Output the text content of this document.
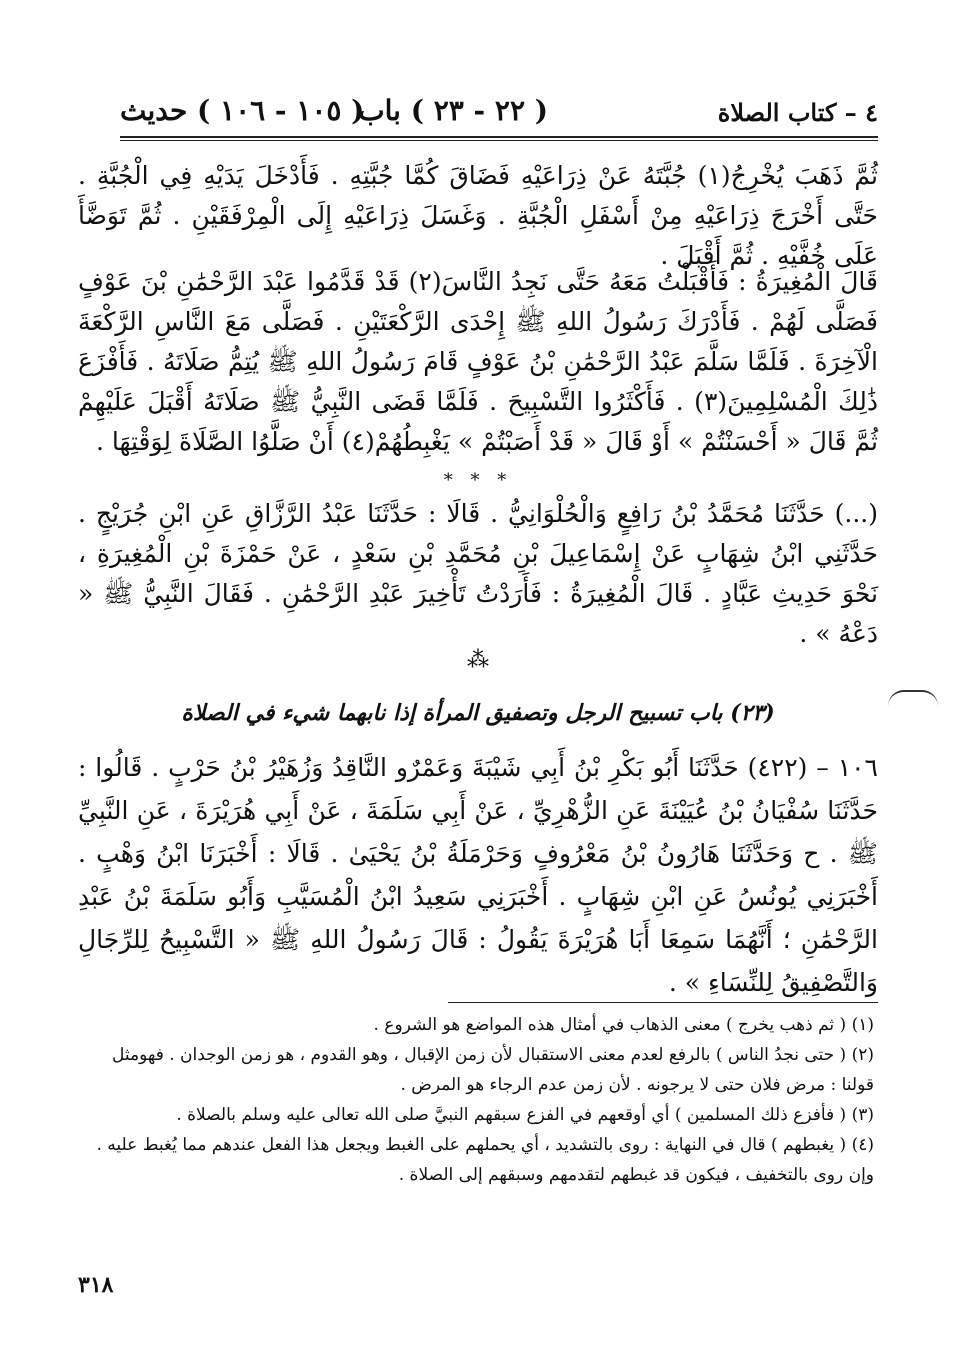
٤ – كتاب الصلاة
( ٢٢ - ٢٣ ) باب
( ١٠٥ - ١٠٦ ) حديث

ثُمَّ ذَهَبَ يُخْرِجُ(١) جُبَّتَهُ عَنْ ذِرَاعَيْهِ فَضَاقَ كُمَّا جُبَّتِهِ . فَأَدْخَلَ يَدَيْهِ فِي الْجُبَّةِ . حَتَّى أَخْرَجَ ذِرَاعَيْهِ مِنْ أَسْفَلِ الْجُبَّةِ . وَغَسَلَ ذِرَاعَيْهِ إِلَى الْمِرْفَقَيْنِ . ثُمَّ تَوَضَّأَ عَلَى خُفَّيْهِ . ثُمَّ أَقْبَلَ .

قَالَ الْمُغِيرَةُ : فَأَقْبَلْتُ مَعَهُ حَتَّى نَجِدُ النَّاسَ(٢) قَدْ قَدَّمُوا عَبْدَ الرَّحْمَٰنِ بْنَ عَوْفٍ فَصَلَّى لَهُمْ . فَأَدْرَكَ رَسُولُ اللهِ ﷺ إِحْدَى الرَّكْعَتَيْنِ . فَصَلَّى مَعَ النَّاسِ الرَّكْعَةَ الْآخِرَةَ . فَلَمَّا سَلَّمَ عَبْدُ الرَّحْمَٰنِ بْنُ عَوْفٍ قَامَ رَسُولُ اللهِ ﷺ يُتِمُّ صَلَاتَهُ . فَأَفْزَعَ ذَٰلِكَ الْمُسْلِمِينَ(٣) . فَأَكْثَرُوا التَّسْبِيحَ . فَلَمَّا قَضَى النَّبِيُّ ﷺ صَلَاتَهُ أَقْبَلَ عَلَيْهِمْ ثُمَّ قَالَ « أَحْسَنْتُمْ » أَوْ قَالَ « قَدْ أَصَبْتُمْ » يَغْبِطُهُمْ(٤) أَنْ صَلَّوُا الصَّلَاةَ لِوَقْتِهَا .

* * *

(...) حَدَّثَنَا مُحَمَّدُ بْنُ رَافِعٍ وَالْحُلْوَانِيُّ . قَالَا : حَدَّثَنَا عَبْدُ الرَّزَّاقِ عَنِ ابْنِ جُرَيْجٍ . حَدَّثَنِي ابْنُ شِهَابٍ عَنْ إِسْمَاعِيلَ بْنِ مُحَمَّدِ بْنِ سَعْدٍ ، عَنْ حَمْزَةَ بْنِ الْمُغِيرَةِ ، نَحْوَ حَدِيثِ عَبَّادٍ . قَالَ الْمُغِيرَةُ : فَأَرَدْتُ تَأْخِيرَ عَبْدِ الرَّحْمَٰنِ . فَقَالَ النَّبِيُّ ﷺ « دَعْهُ » .

⁂
(٢٣) باب تسبيح الرجل وتصفيق المرأة إذا نابهما شيء في الصلاة

١٠٦ – (٤٢٢) حَدَّثَنَا أَبُو بَكْرِ بْنُ أَبِي شَيْبَةَ وَعَمْرٌو النَّاقِدُ وَزُهَيْرُ بْنُ حَرْبٍ . قَالُوا : حَدَّثَنَا سُفْيَانُ بْنُ عُيَيْنَةَ عَنِ الزُّهْرِيِّ ، عَنْ أَبِي سَلَمَةَ ، عَنْ أَبِي هُرَيْرَةَ ، عَنِ النَّبِيِّ ﷺ . ح وَحَدَّثَنَا هَارُونُ بْنُ مَعْرُوفٍ وَحَرْمَلَةُ بْنُ يَحْيَىٰ . قَالَا : أَخْبَرَنَا ابْنُ وَهْبٍ . أَخْبَرَنِي يُونُسُ عَنِ ابْنِ شِهَابٍ . أَخْبَرَنِي سَعِيدُ ابْنُ الْمُسَيَّبِ وَأَبُو سَلَمَةَ بْنُ عَبْدِ الرَّحْمَٰنِ ؛ أَنَّهُمَا سَمِعَا أَبَا هُرَيْرَةَ يَقُولُ : قَالَ رَسُولُ اللهِ ﷺ « التَّسْبِيحُ لِلرِّجَالِ وَالتَّصْفِيقُ لِلنِّسَاءِ » .

(١) ( ثم ذهب يخرج ) معنى الذهاب في أمثال هذه المواضع هو الشروع .
(٢) ( حتى نجدُ الناس ) بالرفع لعدم معنى الاستقبال لأن زمن الإقبال ، وهو القدوم ، هو زمن الوجدان . فهومثل
قولنا : مرض فلان حتى لا يرجونه . لأن زمن عدم الرجاء هو المرض .
(٣) ( فأفزع ذلك المسلمين ) أي أوقعهم في الفزع سبقهم النبيَّ صلى الله تعالى عليه وسلم بالصلاة .
(٤) ( يغبطهم ) قال في النهاية : روى بالتشديد ، أي يحملهم على الغبط ويجعل هذا الفعل عندهم مما يُغبط عليه .
وإن روى بالتخفيف ، فيكون قد غبطهم لتقدمهم وسبقهم إلى الصلاة .
٣١٨
